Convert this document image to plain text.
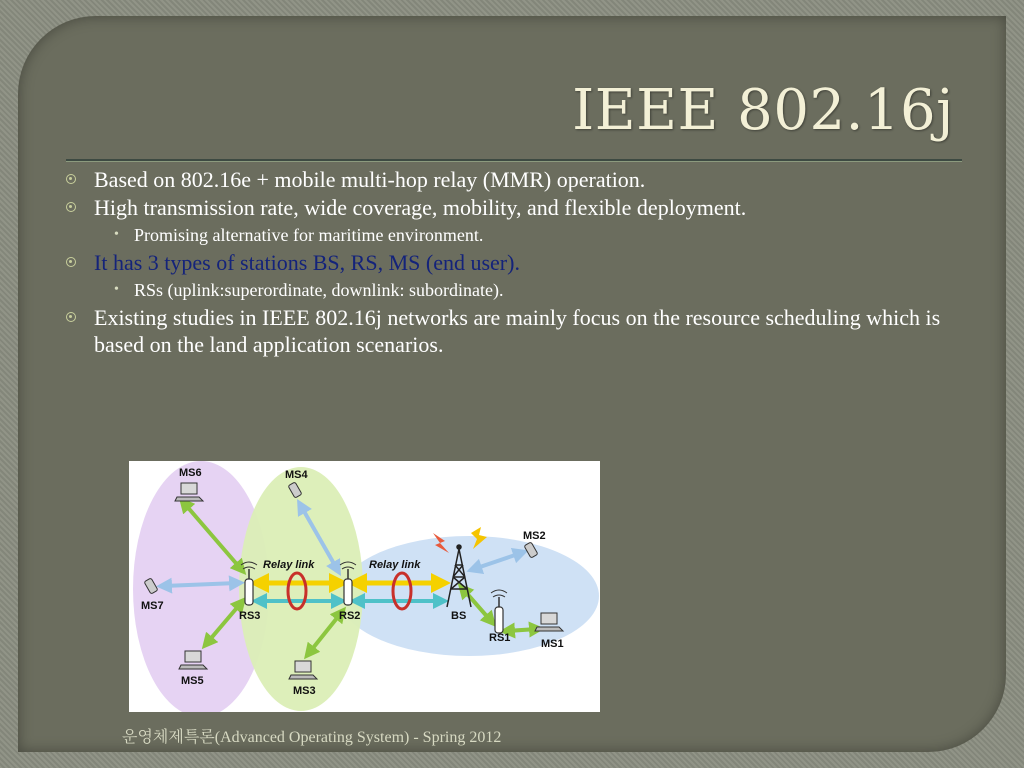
IEEE 802.16j
Based on 802.16e + mobile multi-hop relay (MMR) operation.
High transmission rate, wide coverage, mobility, and flexible deployment.
• Promising alternative for maritime environment.
It has 3 types of stations BS, RS, MS (end user).
• RSs (uplink:superordinate, downlink: subordinate).
Existing studies in IEEE 802.16j networks are mainly focus on the resource scheduling which is based on the land application scenarios.
MS6	MS4
MS2
MS7
MS1
MS5
MS3
RS3	RS2
RS1
BS
Relay link	Relay link
운영체제특론(Advanced Operating System) - Spring 2012
